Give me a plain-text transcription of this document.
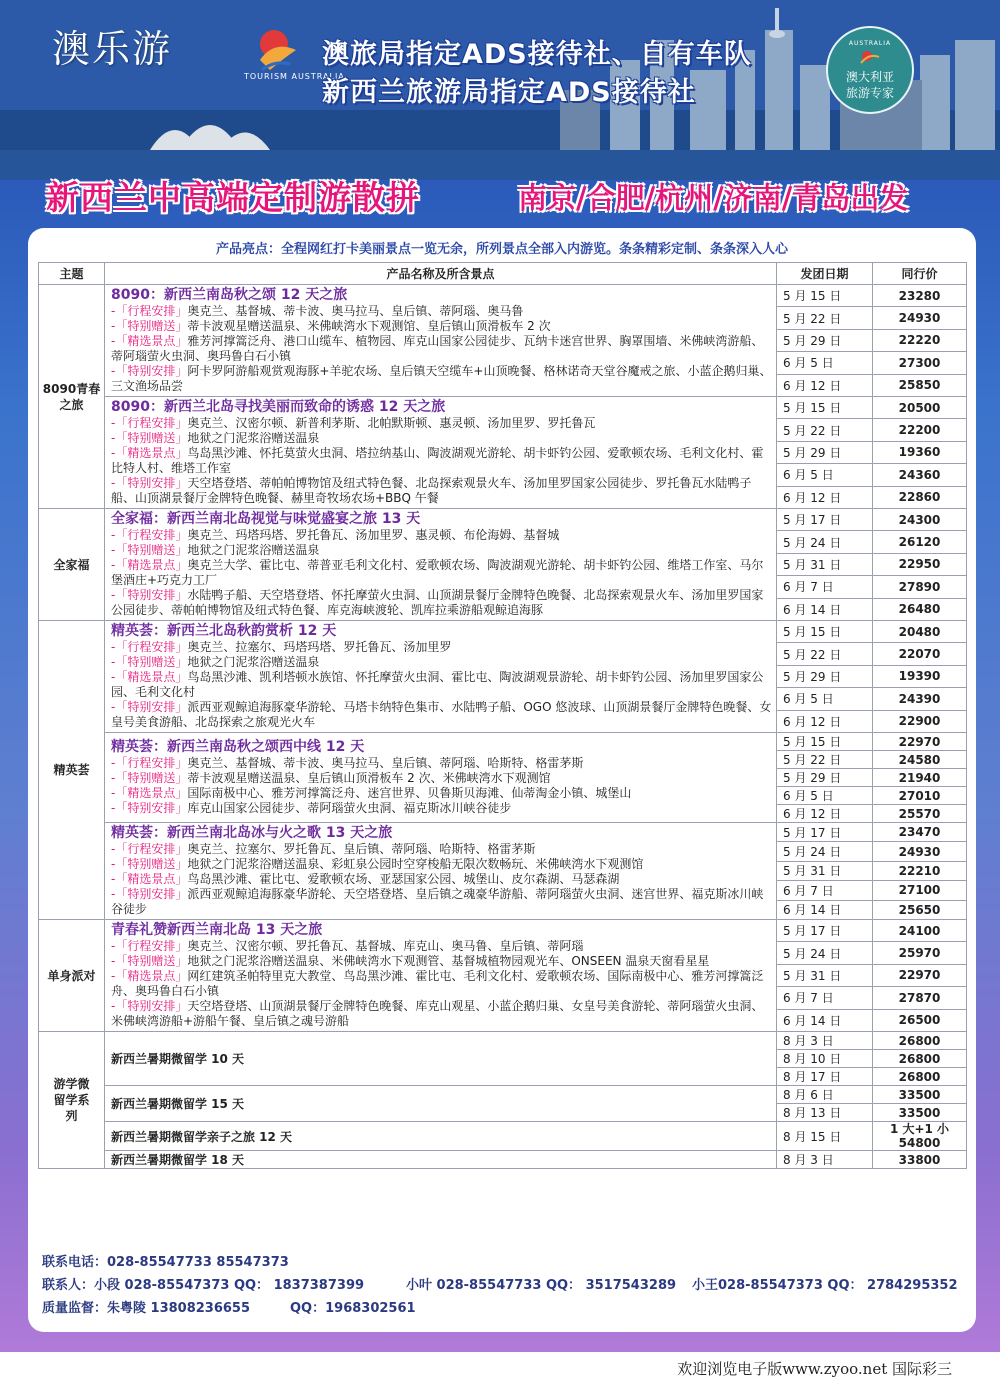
澳乐游
TOURISM AUSTRALIA
澳旅局指定ADS接待社、自有车队
新西兰旅游局指定ADS接待社
AUSTRALIA
澳大利亚
旅游专家
新西兰中高端定制游散拼	南京/合肥/杭州/济南/青岛出发
产品亮点：全程网红打卡美丽景点一览无余，所列景点全部入内游览。条条精彩定制、条条深入人心
主题	产品名称及所含景点	发团日期	同行价
8090青春之旅	8090：新西兰南岛秋之颂 12 天之旅
-「行程安排」奥克兰、基督城、蒂卡波、奥马拉马、皇后镇、蒂阿瑙、奥马鲁
-「特别赠送」蒂卡波观星赠送温泉、米佛峡湾水下观测馆、皇后镇山顶滑板车 2 次
-「精选景点」雅芳河撑篙泛舟、港口山缆车、植物园、库克山国家公园徒步、瓦纳卡迷宫世界、胸罩围墙、米佛峡湾游船、蒂阿瑙萤火虫洞、奥玛鲁白石小镇
-「特别安排」阿卡罗阿游船观赏观海豚+羊驼农场、皇后镇天空缆车+山顶晚餐、格林诺奇天堂谷魔戒之旅、小蓝企鹅归巢、三文渔场品尝	5 月 15 日	23280
		5 月 22 日	24930
		5 月 29 日	22220
		6 月 5 日	27300
		6 月 12 日	25850

	8090：新西兰北岛寻找美丽而致命的诱惑 12 天之旅
-「行程安排」奥克兰、汉密尔顿、新普利茅斯、北帕默斯顿、惠灵顿、汤加里罗、罗托鲁瓦
-「特别赠送」地狱之门泥浆浴赠送温泉
-「精选景点」鸟岛黑沙滩、怀托莫萤火虫洞、塔拉纳基山、陶波湖观光游轮、胡卡虾钓公园、爱歌顿农场、毛利文化村、霍比特人村、维塔工作室
-「特别安排」天空塔登塔、蒂帕帕博物馆及纽式特色餐、北岛探索观景火车、汤加里罗国家公园徒步、罗托鲁瓦水陆鸭子船、山顶湖景餐厅金牌特色晚餐、赫里奇牧场农场+BBQ 午餐	5 月 15 日	20500
		5 月 22 日	22200
		5 月 29 日	19360
		6 月 5 日	24360
		6 月 12 日	22860
全家福	全家福：新西兰南北岛视觉与味觉盛宴之旅 13 天
-「行程安排」奥克兰、玛塔玛塔、罗托鲁瓦、汤加里罗、惠灵顿、布伦海姆、基督城
-「特别赠送」地狱之门泥浆浴赠送温泉
-「精选景点」奥克兰大学、霍比屯、蒂普亚毛利文化村、爱歌顿农场、陶波湖观光游轮、胡卡虾钓公园、维塔工作室、马尔堡酒庄+巧克力工厂
-「特别安排」水陆鸭子船、天空塔登塔、怀托摩萤火虫洞、山顶湖景餐厅金牌特色晚餐、北岛探索观景火车、汤加里罗国家公园徒步、蒂帕帕博物馆及纽式特色餐、库克海峡渡轮、凯库拉乘游船观鲸追海豚	5 月 17 日	24300
		5 月 24 日	26120
		5 月 31 日	22950
		6 月 7 日	27890
		6 月 14 日	26480
精英荟	精英荟：新西兰北岛秋韵赏析 12 天
-「行程安排」奥克兰、拉塞尔、玛塔玛塔、罗托鲁瓦、汤加里罗
-「特别赠送」地狱之门泥浆浴赠送温泉
-「精选景点」鸟岛黑沙滩、凯利塔顿水族馆、怀托摩萤火虫洞、霍比屯、陶波湖观景游轮、胡卡虾钓公园、汤加里罗国家公园、毛利文化村
-「特别安排」派西亚观鲸追海豚豪华游轮、马塔卡纳特色集市、水陆鸭子船、OGO 悠波球、山顶湖景餐厅金牌特色晚餐、女皇号美食游船、北岛探索之旅观光火车	5 月 15 日	20480
		5 月 22 日	22070
		5 月 29 日	19390
		6 月 5 日	24390
		6 月 12 日	22900

	精英荟：新西兰南岛秋之颂西中线 12 天
-「行程安排」奥克兰、基督城、蒂卡波、奥马拉马、皇后镇、蒂阿瑙、哈斯特、格雷茅斯
-「特别赠送」蒂卡波观星赠送温泉、皇后镇山顶滑板车 2 次、米佛峡湾水下观测馆
-「精选景点」国际南极中心、雅芳河撑篙泛舟、迷宫世界、贝鲁斯贝海滩、仙蒂淘金小镇、城堡山
-「特别安排」库克山国家公园徒步、蒂阿瑙萤火虫洞、福克斯冰川峡谷徒步	5 月 15 日	22970
		5 月 22 日	24580
		5 月 29 日	21940
		6 月 5 日	27010
		6 月 12 日	25570

	精英荟：新西兰南北岛冰与火之歌 13 天之旅
-「行程安排」奥克兰、拉塞尔、罗托鲁瓦、皇后镇、蒂阿瑙、哈斯特、格雷茅斯
-「特别赠送」地狱之门泥浆浴赠送温泉、彩虹泉公园时空穿梭船无限次数畅玩、米佛峡湾水下观测馆
-「精选景点」鸟岛黑沙滩、霍比屯、爱歌顿农场、亚瑟国家公园、城堡山、皮尔森湖、马瑟森湖
-「特别安排」派西亚观鲸追海豚豪华游轮、天空塔登塔、皇后镇之魂豪华游船、蒂阿瑙萤火虫洞、迷宫世界、福克斯冰川峡谷徒步	5 月 17 日	23470
		5 月 24 日	24930
		5 月 31 日	22210
		6 月 7 日	27100
		6 月 14 日	25650
单身派对	青春礼赞新西兰南北岛 13 天之旅
-「行程安排」奥克兰、汉密尔顿、罗托鲁瓦、基督城、库克山、奥马鲁、皇后镇、蒂阿瑙
-「特别赠送」地狱之门泥浆浴赠送温泉、米佛峡湾水下观测管、基督城植物园观光车、ONSEEN 温泉天窗看星星
-「精选景点」网红建筑圣帕特里克大教堂、鸟岛黑沙滩、霍比屯、毛利文化村、爱歌顿农场、国际南极中心、雅芳河撑篙泛舟、奥玛鲁白石小镇
-「特别安排」天空塔登塔、山顶湖景餐厅金牌特色晚餐、库克山观星、小蓝企鹅归巢、女皇号美食游轮、蒂阿瑙萤火虫洞、米佛峡湾游船+游船午餐、皇后镇之魂号游船	5 月 17 日	24100
		5 月 24 日	25970
		5 月 31 日	22970
		6 月 7 日	27870
		6 月 14 日	26500
游学微留学系列	新西兰暑期微留学 10 天	8 月 3 日	26800
		8 月 10 日	26800
		8 月 17 日	26800
	新西兰暑期微留学 15 天	8 月 6 日	33500
		8 月 13 日	33500
	新西兰暑期微留学亲子之旅 12 天	8 月 15 日	1 大+1 小
54800

	新西兰暑期微留学 18 天	8 月 3 日	33800
联系电话：028-85547733 85547373
联系人：小段 028-85547373 QQ： 1837387399	小叶 028-85547733 QQ： 3517543289 小王028-85547373 QQ： 2784295352
质量监督：朱粤陵 13808236655	QQ：1968302561
欢迎浏览电子版www.zyoo.net 国际彩三
